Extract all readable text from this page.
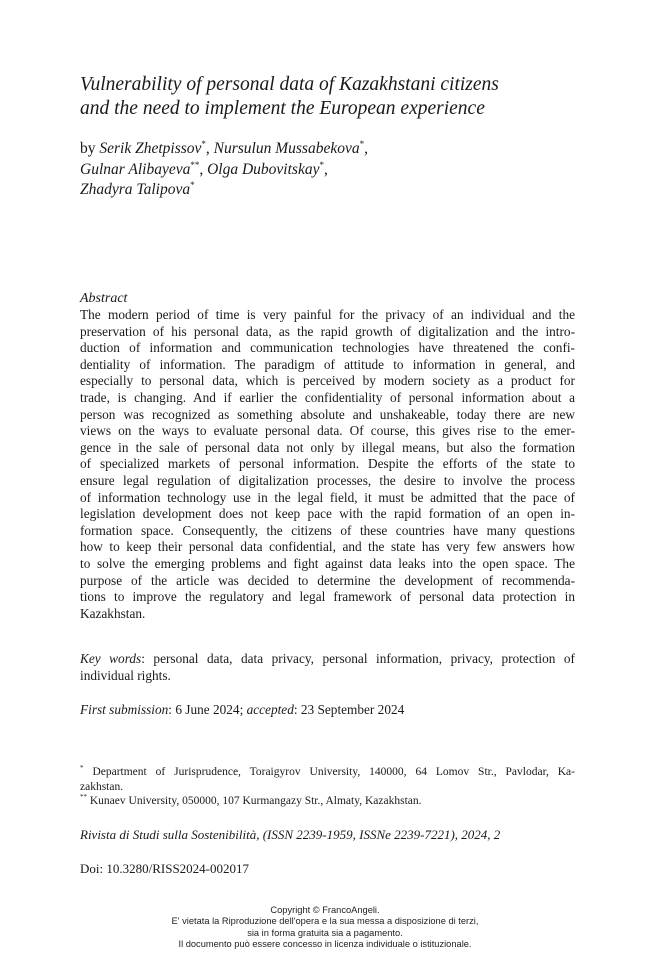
Vulnerability of personal data of Kazakhstani citizens
and the need to implement the European experience
by Serik Zhetpissov*, Nursulun Mussabekova*,
Gulnar Alibayeva**, Olga Dubovitskay*,
Zhadyra Talipova*
Abstract
The modern period of time is very painful for the privacy of an individual and the
preservation of his personal data, as the rapid growth of digitalization and the intro-
duction of information and communication technologies have threatened the confi-
dentiality of information. The paradigm of attitude to information in general, and
especially to personal data, which is perceived by modern society as a product for
trade, is changing. And if earlier the confidentiality of personal information about a
person was recognized as something absolute and unshakeable, today there are new
views on the ways to evaluate personal data. Of course, this gives rise to the emer-
gence in the sale of personal data not only by illegal means, but also the formation
of specialized markets of personal information. Despite the efforts of the state to
ensure legal regulation of digitalization processes, the desire to involve the process
of information technology use in the legal field, it must be admitted that the pace of
legislation development does not keep pace with the rapid formation of an open in-
formation space. Consequently, the citizens of these countries have many questions
how to keep their personal data confidential, and the state has very few answers how
to solve the emerging problems and fight against data leaks into the open space. The
purpose of the article was decided to determine the development of recommenda-
tions to improve the regulatory and legal framework of personal data protection in
Kazakhstan.
Key words: personal data, data privacy, personal information, privacy, protection of
individual rights.
First submission: 6 June 2024; accepted: 23 September 2024
* Department of Jurisprudence, Toraigyrov University, 140000, 64 Lomov Str., Pavlodar, Ka-
zakhstan.
** Kunaev University, 050000, 107 Kurmangazy Str., Almaty, Kazakhstan.
Rivista di Studi sulla Sostenibilità, (ISSN 2239-1959, ISSNe 2239-7221), 2024, 2
Doi: 10.3280/RISS2024-002017
Copyright © FrancoAngeli.
E' vietata la Riproduzione dell'opera e la sua messa a disposizione di terzi,
sia in forma gratuita sia a pagamento.
Il documento può essere concesso in licenza individuale o istituzionale.
